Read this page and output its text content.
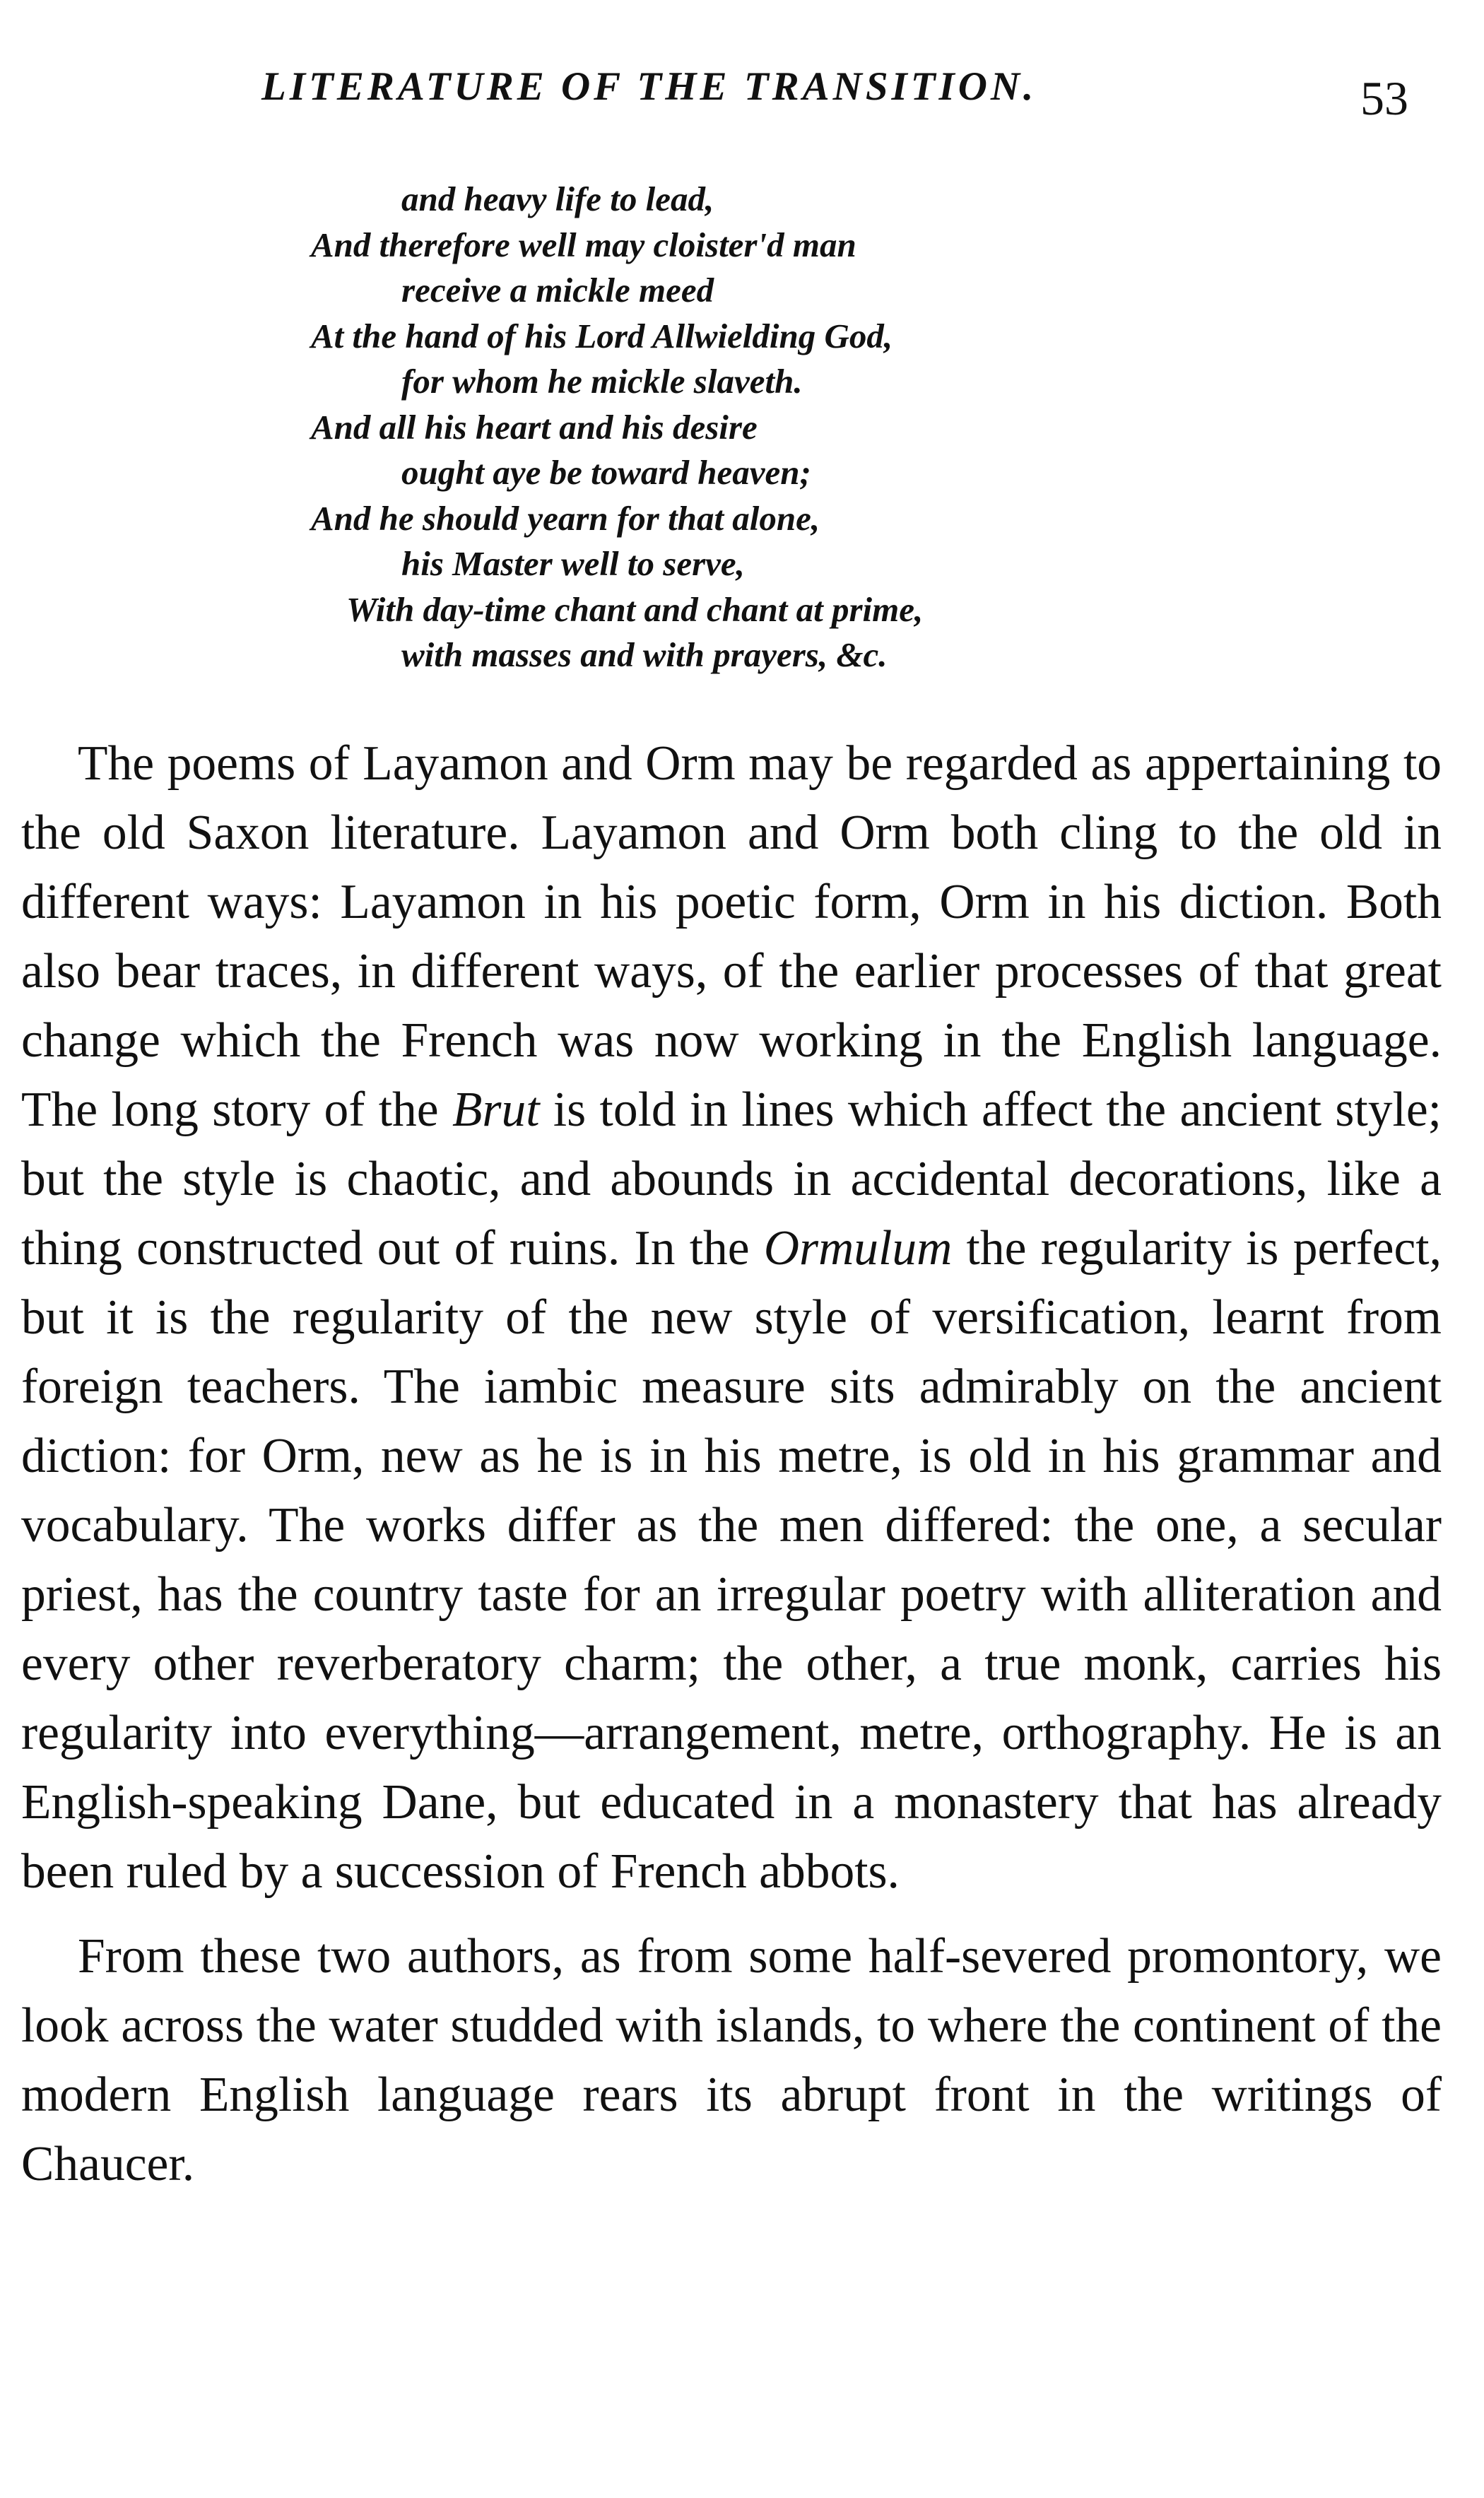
LITERATURE OF THE TRANSITION.	53
and heavy life to lead,
And therefore well may cloister'd man
receive a mickle meed
At the hand of his Lord Allwielding God,
for whom he mickle slaveth.
And all his heart and his desire
ought aye be toward heaven;
And he should yearn for that alone,
his Master well to serve,
With day-time chant and chant at prime,
with masses and with prayers, &c.

The poems of Layamon and Orm may be regarded as appertaining to the old Saxon literature. Layamon and Orm both cling to the old in different ways: Layamon in his poetic form, Orm in his diction. Both also bear traces, in different ways, of the earlier processes of that great change which the French was now working in the English language. The long story of the Brut is told in lines which affect the ancient style; but the style is chaotic, and abounds in accidental decorations, like a thing constructed out of ruins. In the Ormulum the regularity is perfect, but it is the regularity of the new style of versification, learnt from foreign teachers. The iambic measure sits admirably on the ancient diction: for Orm, new as he is in his metre, is old in his grammar and vocabulary. The works differ as the men differed: the one, a secular priest, has the country taste for an irregular poetry with alliteration and every other reverberatory charm; the other, a true monk, carries his regularity into everything—arrangement, metre, orthography. He is an English-speaking Dane, but educated in a monastery that has already been ruled by a succession of French abbots.

From these two authors, as from some half-severed promontory, we look across the water studded with islands, to where the continent of the modern English language rears its abrupt front in the writings of Chaucer.
